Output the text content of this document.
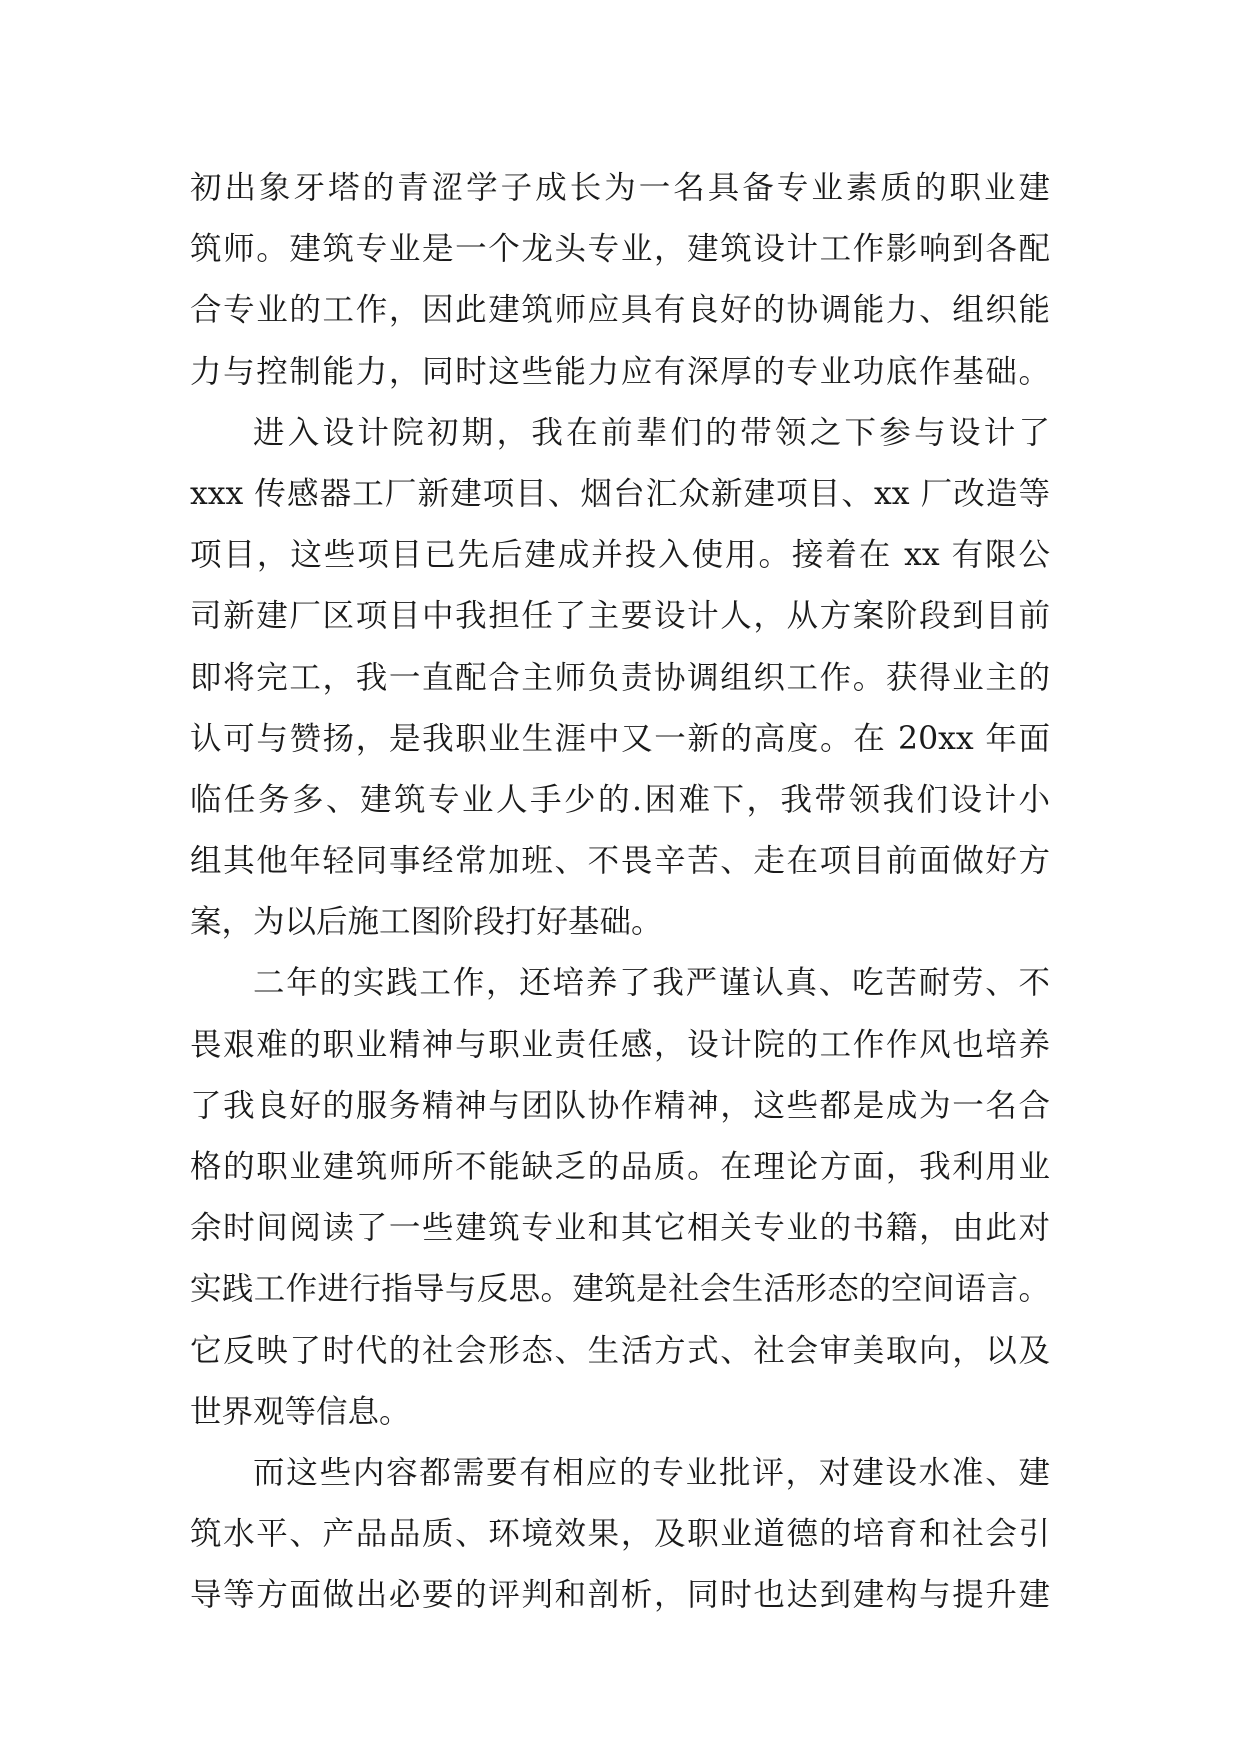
初出象牙塔的青涩学子成长为一名具备专业素质的职业建
筑师。建筑专业是一个龙头专业，建筑设计工作影响到各配
合专业的工作，因此建筑师应具有良好的协调能力、组织能
力与控制能力，同时这些能力应有深厚的专业功底作基础。
进入设计院初期，我在前辈们的带领之下参与设计了
xxx 传感器工厂新建项目、烟台汇众新建项目、xx 厂改造等
项目，这些项目已先后建成并投入使用。接着在 xx 有限公
司新建厂区项目中我担任了主要设计人，从方案阶段到目前
即将完工，我一直配合主师负责协调组织工作。获得业主的
认可与赞扬，是我职业生涯中又一新的高度。在 20xx 年面
临任务多、建筑专业人手少的.困难下，我带领我们设计小
组其他年轻同事经常加班、不畏辛苦、走在项目前面做好方
案，为以后施工图阶段打好基础。
二年的实践工作，还培养了我严谨认真、吃苦耐劳、不
畏艰难的职业精神与职业责任感，设计院的工作作风也培养
了我良好的服务精神与团队协作精神，这些都是成为一名合
格的职业建筑师所不能缺乏的品质。在理论方面，我利用业
余时间阅读了一些建筑专业和其它相关专业的书籍，由此对
实践工作进行指导与反思。建筑是社会生活形态的空间语言。
它反映了时代的社会形态、生活方式、社会审美取向，以及
世界观等信息。
而这些内容都需要有相应的专业批评，对建设水准、建
筑水平、产品品质、环境效果，及职业道德的培育和社会引
导等方面做出必要的评判和剖析，同时也达到建构与提升建
